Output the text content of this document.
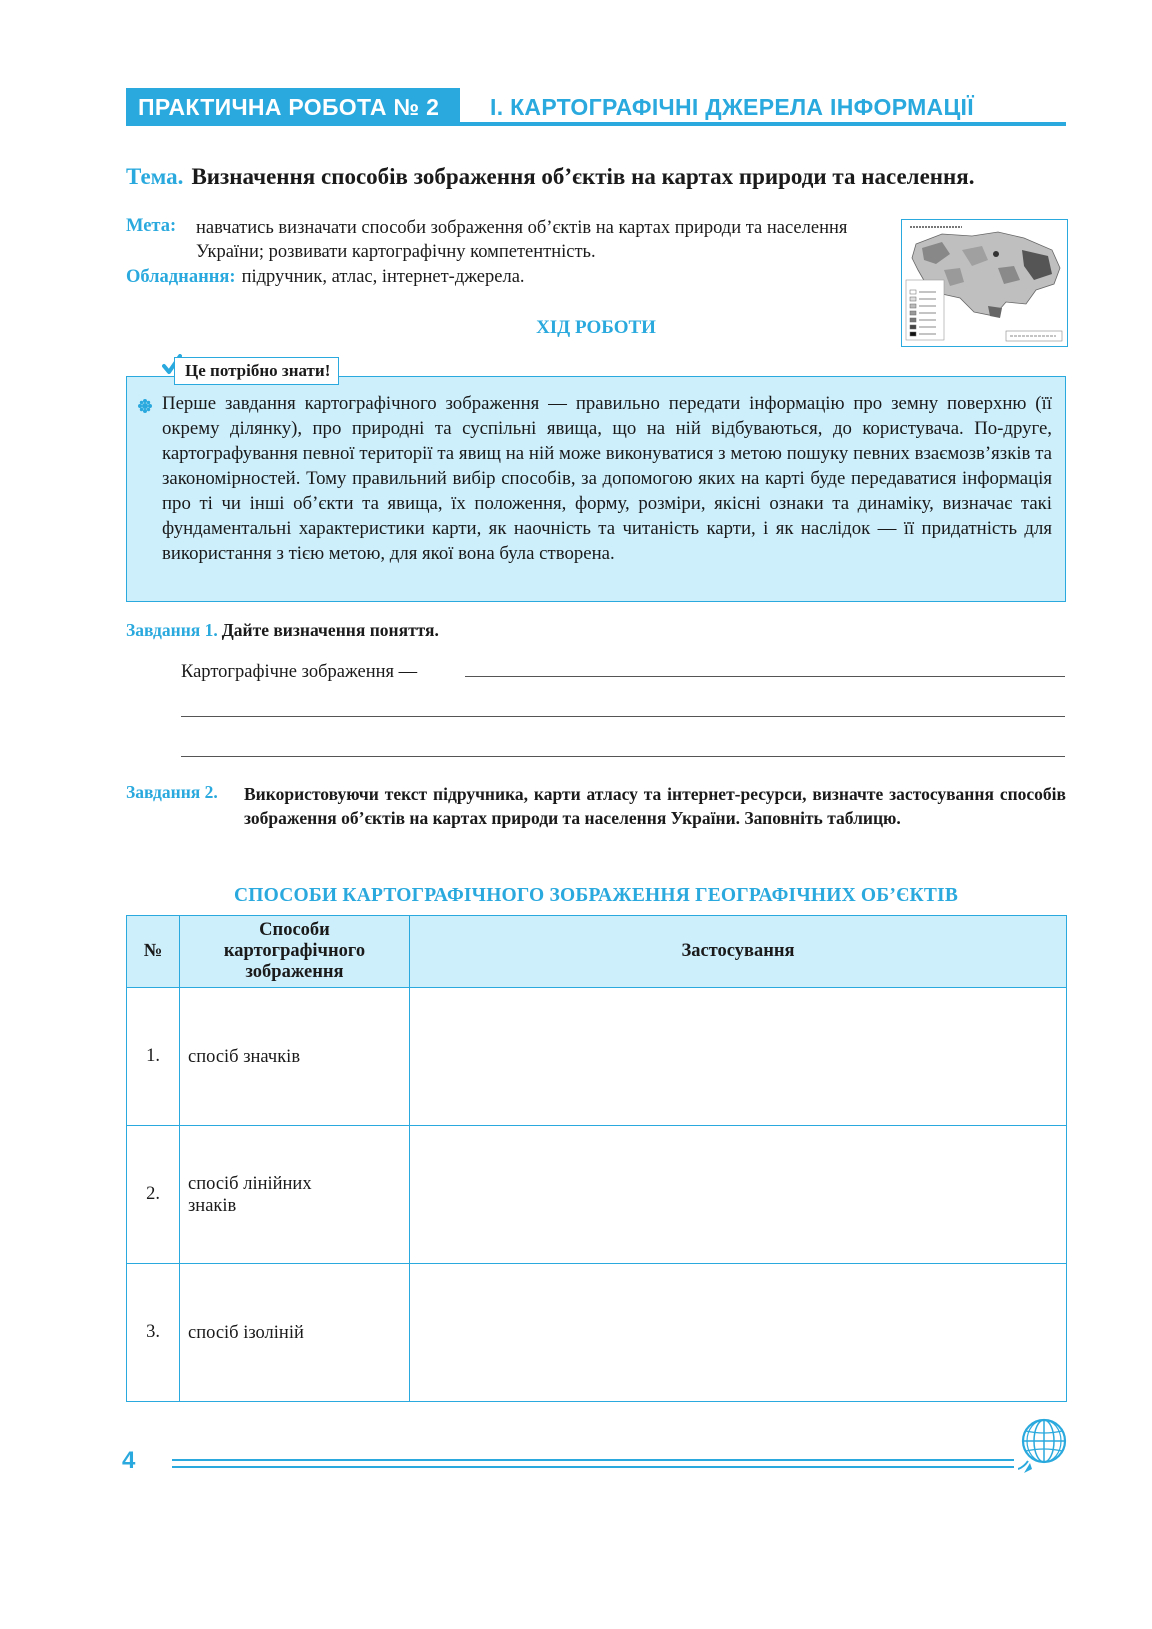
ПРАКТИЧНА РОБОТА № 2 І. КАРТОГРАФІЧНІ ДЖЕРЕЛА ІНФОРМАЦІЇ
Тема. Визначення способів зображення об’єктів на картах природи та населення.
Мета: навчатись визначати способи зображення об’єктів на картах природи та населення України; розвивати картографічну компетентність.
Обладнання: підручник, атлас, інтернет-джерела.
ХІД РОБОТИ
Це потрібно знати!
Перше завдання картографічного зображення — правильно передати інформацію про земну поверхню (її окрему ділянку), про природні та суспільні явища, що на ній відбуваються, до користувача. По-друге, картографування певної території та явищ на ній може виконуватися з метою пошуку певних взаємозв’язків та закономірностей. Тому правильний вибір способів, за допомогою яких на карті буде передаватися інформація про ті чи інші об’єкти та явища, їх положення, форму, розміри, якісні ознаки та динаміку, визначає такі фундаментальні характеристики карти, як наочність та читаність карти, і як наслідок — її придатність для використання з тією метою, для якої вона була створена.
Завдання 1. Дайте визначення поняття.
Картографічне зображення —
Завдання 2. Використовуючи текст підручника, карти атласу та інтернет-ресурси, визначте застосування способів зображення об’єктів на картах природи та населення України. Заповніть таблицю.
СПОСОБИ КАРТОГРАФІЧНОГО ЗОБРАЖЕННЯ ГЕОГРАФІЧНИХ ОБ’ЄКТІВ
№	Способи картографічного зображення	Застосування
1.	спосіб значків	
2.	спосіб лінійних знаків	
3.	спосіб ізоліній	
4
